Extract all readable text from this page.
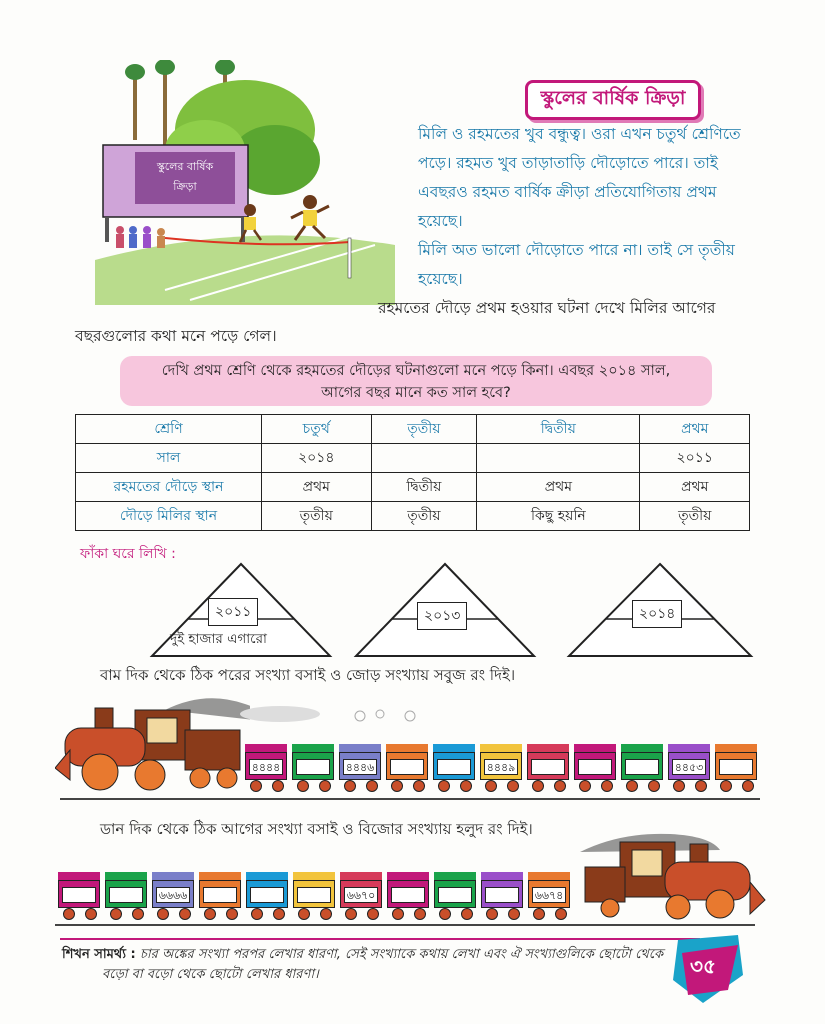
স্কুলের বার্ষিক
ক্রিড়া
স্কুলের বার্ষিক ক্রিড়া

মিলি ও রহমতের খুব বন্ধুত্ব। ওরা এখন চতুর্থ শ্রেণিতে

পড়ে। রহমত খুব তাড়াতাড়ি দৌড়োতে পারে। তাই

এবছরও রহমত বার্ষিক ক্রীড়া প্রতিযোগিতায় প্রথম হয়েছে।

মিলি অত ভালো দৌড়োতে পারে না। তাই সে তৃতীয়

হয়েছে।

রহমতের দৌড়ে প্রথম হওয়ার ঘটনা দেখে মিলির আগের
বছরগুলোর কথা মনে পড়ে গেল।
দেখি প্রথম শ্রেণি থেকে রহমতের দৌড়ের ঘটনাগুলো মনে পড়ে কিনা। এবছর ২০১৪ সাল,
আগের বছর মানে কত সাল হবে?
শ্রেণি	চতুর্থ	তৃতীয়	দ্বিতীয়	প্রথম
সাল	২০১৪			২০১১
রহমতের দৌড়ে স্থান	প্রথম	দ্বিতীয়	প্রথম	প্রথম
দৌড়ে মিলির স্থান	তৃতীয়	তৃতীয়	কিছু হয়নি	তৃতীয়
ফাঁকা ঘরে লিখি :
২০১১
দুই হাজার এগারো
২০১৩	২০১৪
বাম দিক থেকে ঠিক পরের সংখ্যা বসাই ও জোড় সংখ্যায় সবুজ রং দিই।
৪৪৪৪	৪৪৪৬	৪৪৪৯	৪৪৫৩
ডান দিক থেকে ঠিক আগের সংখ্যা বসাই ও বিজোর সংখ্যায় হলুদ রং দিই।
৬৬৬৬	৬৬৭০	৬৬৭৪
শিখন সামর্থ্য : চার অঙ্কের সংখ্যা পরপর লেখার ধারণা, সেই সংখ্যাকে কথায় লেখা এবং ঐ সংখ্যাগুলিকে ছোটো থেকে
বড়ো বা বড়ো থেকে ছোটো লেখার ধারণা।	৩৫
